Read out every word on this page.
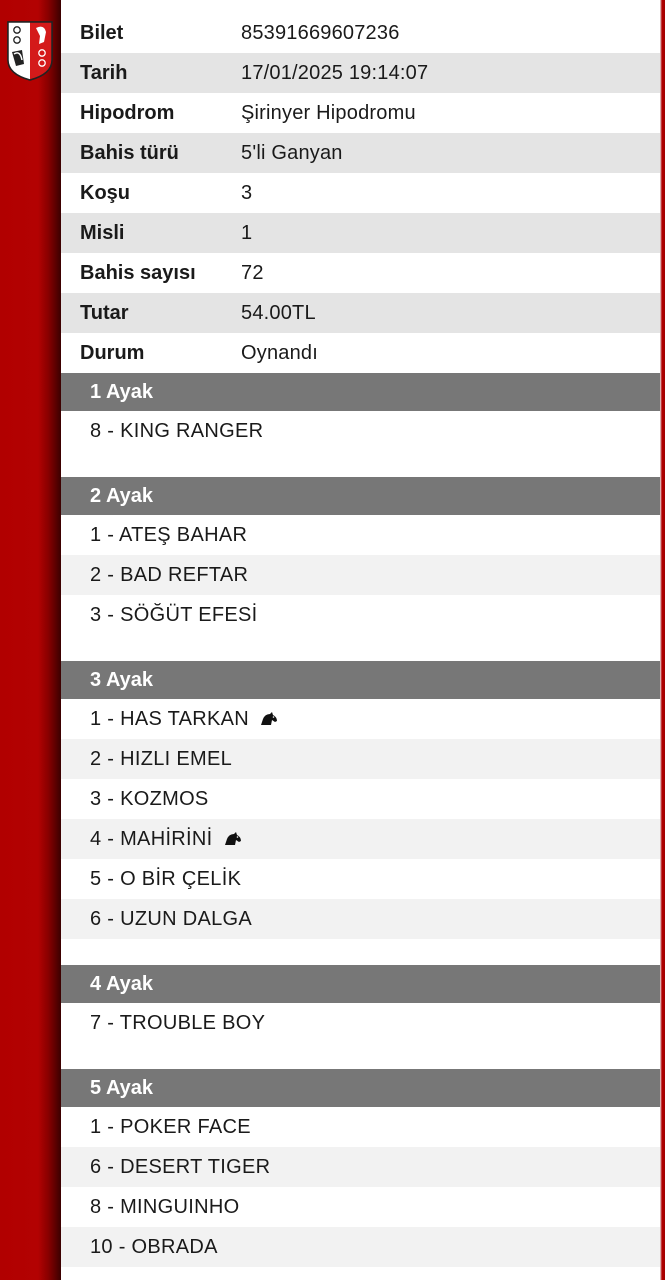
Bilet	85391669607236
Tarih	17/01/2025 19:14:07
Hipodrom	Şirinyer Hipodromu
Bahis türü	5'li Ganyan
Koşu	3
Misli	1
Bahis sayısı	72
Tutar	54.00TL
Durum	Oynandı
1 Ayak
8 - KING RANGER
2 Ayak
1 - ATEŞ BAHAR
2 - BAD REFTAR
3 - SÖĞÜT EFESİ
3 Ayak
1 - HAS TARKAN
2 - HIZLI EMEL
3 - KOZMOS
4 - MAHİRİNİ
5 - O BİR ÇELİK
6 - UZUN DALGA
4 Ayak
7 - TROUBLE BOY
5 Ayak
1 - POKER FACE
6 - DESERT TIGER
8 - MINGUINHO
10 - OBRADA
